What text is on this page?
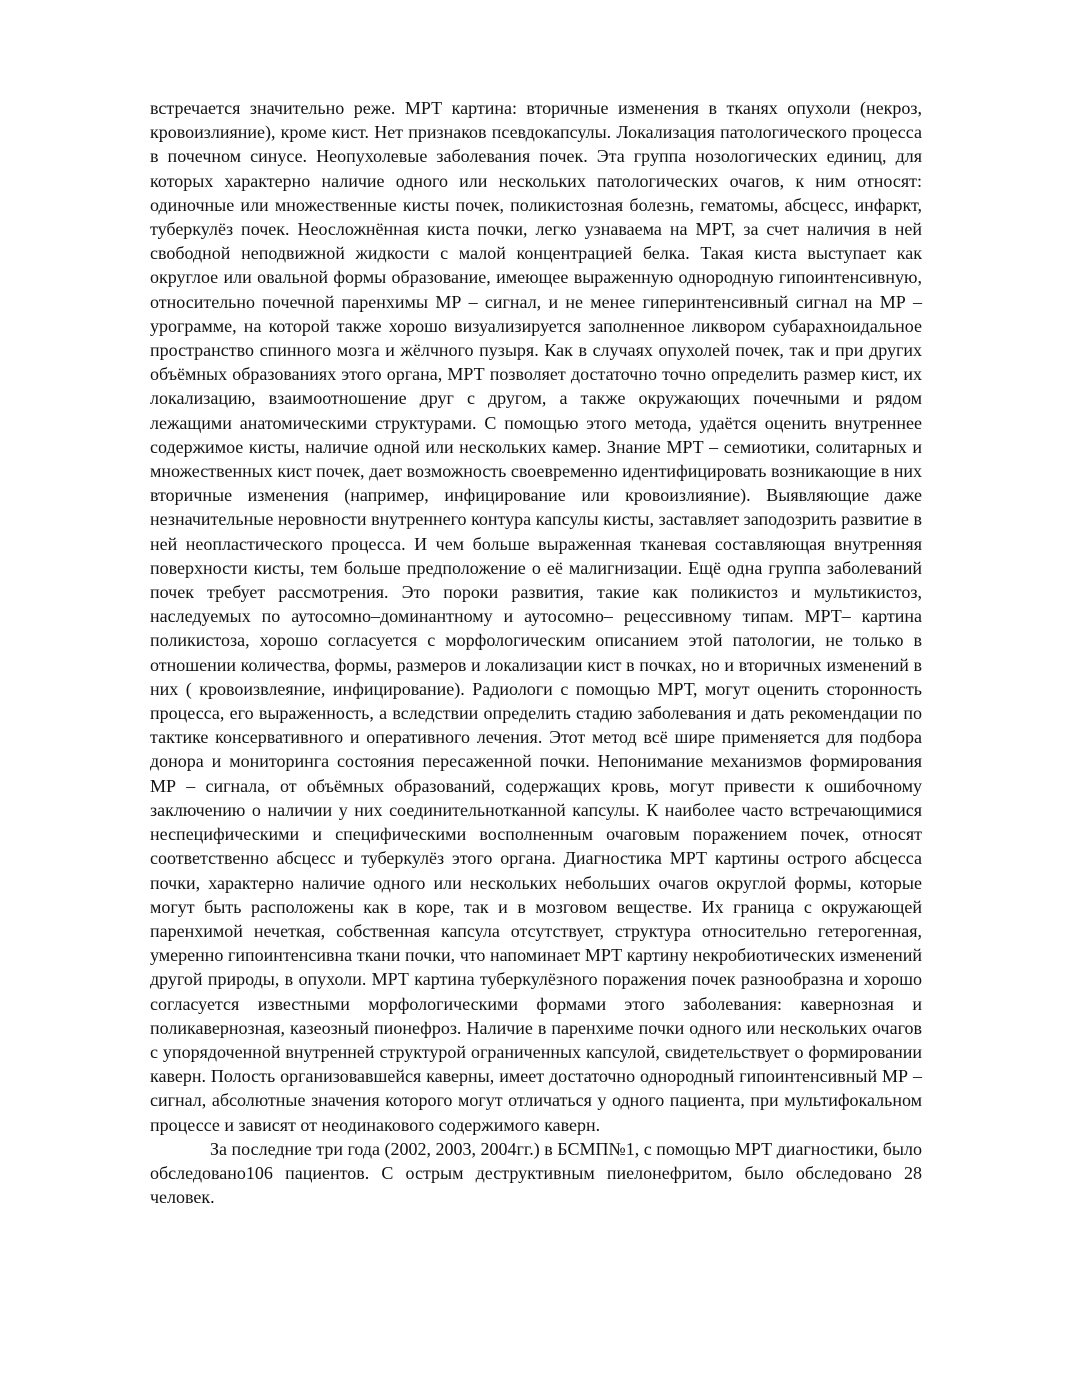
встречается значительно реже. МРТ картина: вторичные изменения в тканях опухоли (некроз, кровоизлияние), кроме кист. Нет признаков псевдокапсулы. Локализация патологического процесса в почечном синусе. Неопухолевые заболевания почек. Эта группа нозологических единиц, для которых характерно наличие одного или нескольких патологических очагов, к ним относят: одиночные или множественные кисты почек, поликистозная болезнь, гематомы, абсцесс, инфаркт, туберкулёз почек. Неосложнённая киста почки, легко узнаваема на МРТ, за счет наличия в ней свободной неподвижной жидкости с малой концентрацией белка. Такая киста выступает как округлое или овальной формы образование, имеющее выраженную однородную гипоинтенсивную, относительно почечной паренхимы МР – сигнал, и не менее гиперинтенсивный сигнал на МР – урограмме, на которой также хорошо визуализируется заполненное ликвором субарахноидальное пространство спинного мозга и жёлчного пузыря. Как в случаях опухолей почек, так и при других объёмных образованиях этого органа, МРТ позволяет достаточно точно определить размер кист, их локализацию, взаимоотношение друг с другом, а также окружающих почечными и рядом лежащими анатомическими структурами. С помощью этого метода, удаётся оценить внутреннее содержимое кисты, наличие одной или нескольких камер. Знание МРТ – семиотики, солитарных и множественных кист почек, дает возможность своевременно идентифицировать возникающие в них вторичные изменения (например, инфицирование или кровоизлияние). Выявляющие даже незначительные неровности внутреннего контура капсулы кисты, заставляет заподозрить развитие в ней неопластического процесса. И чем больше выраженная тканевая составляющая внутренняя поверхности кисты, тем больше предположение о её малигнизации. Ещё одна группа заболеваний почек требует рассмотрения. Это пороки развития, такие как поликистоз и мультикистоз, наследуемых по аутосомно–доминантному и аутосомно– рецессивному типам. МРТ– картина поликистоза, хорошо согласуется с морфологическим описанием этой патологии, не только в отношении количества, формы, размеров и локализации кист в почках, но и вторичных изменений в них ( кровоизвлеяние, инфицирование). Радиологи с помощью МРТ, могут оценить сторонность процесса, его выраженность, а вследствии определить стадию заболевания и дать рекомендации по тактике консервативного и оперативного лечения. Этот метод всё шире применяется для подбора донора и мониторинга состояния пересаженной почки. Непонимание механизмов формирования МР – сигнала, от объёмных образований, содержащих кровь, могут привести к ошибочному заключению о наличии у них соединительнотканной капсулы. К наиболее часто встречающимися неспецифическими и специфическими восполненным очаговым поражением почек, относят соответственно абсцесс и туберкулёз этого органа. Диагностика МРТ картины острого абсцесса почки, характерно наличие одного или нескольких небольших очагов округлой формы, которые могут быть расположены как в коре, так и в мозговом веществе. Их граница с окружающей паренхимой нечеткая, собственная капсула отсутствует, структура относительно гетерогенная, умеренно гипоинтенсивна ткани почки, что напоминает МРТ картину некробиотических изменений другой природы, в опухоли. МРТ картина туберкулёзного поражения почек разнообразна и хорошо согласуется известными морфологическими формами этого заболевания: кавернозная и поликавернозная, казеозный пионефроз. Наличие в паренхиме почки одного или нескольких очагов с упорядоченной внутренней структурой ограниченных капсулой, свидетельствует о формировании каверн. Полость организовавшейся каверны, имеет достаточно однородный гипоинтенсивный МР – сигнал, абсолютные значения которого могут отличаться у одного пациента, при мультифокальном процессе и зависят от неодинакового содержимого каверн.

За последние три года (2002, 2003, 2004гг.) в БСМП№1, с помощью МРТ диагностики, было обследовано106 пациентов. С острым деструктивным пиелонефритом, было обследовано 28 человек.
